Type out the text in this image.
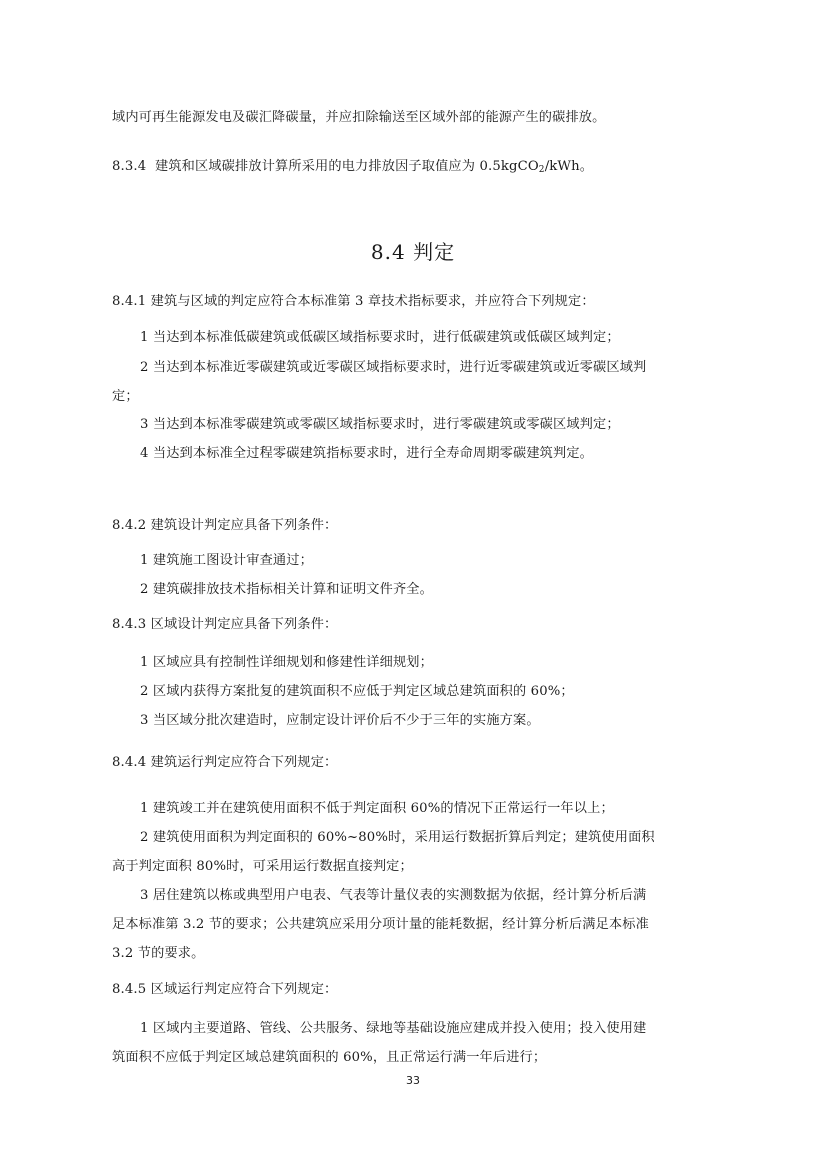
域内可再生能源发电及碳汇降碳量，并应扣除输送至区域外部的能源产生的碳排放。
8.3.4 建筑和区域碳排放计算所采用的电力排放因子取值应为 0.5kgCO$_2$/kWh。
8.4 判定
8.4.1 建筑与区域的判定应符合本标准第 3 章技术指标要求，并应符合下列规定：
1 当达到本标准低碳建筑或低碳区域指标要求时，进行低碳建筑或低碳区域判定；
2 当达到本标准近零碳建筑或近零碳区域指标要求时，进行近零碳建筑或近零碳区域判
定；
3 当达到本标准零碳建筑或零碳区域指标要求时，进行零碳建筑或零碳区域判定；
4 当达到本标准全过程零碳建筑指标要求时，进行全寿命周期零碳建筑判定。
8.4.2 建筑设计判定应具备下列条件：
1 建筑施工图设计审查通过；
2 建筑碳排放技术指标相关计算和证明文件齐全。
8.4.3 区域设计判定应具备下列条件：
1 区域应具有控制性详细规划和修建性详细规划；
2 区域内获得方案批复的建筑面积不应低于判定区域总建筑面积的 60%；
3 当区域分批次建造时，应制定设计评价后不少于三年的实施方案。
8.4.4 建筑运行判定应符合下列规定：
1 建筑竣工并在建筑使用面积不低于判定面积 60%的情况下正常运行一年以上；
2 建筑使用面积为判定面积的 60%~80%时，采用运行数据折算后判定；建筑使用面积
高于判定面积 80%时，可采用运行数据直接判定；
3 居住建筑以栋或典型用户电表、气表等计量仪表的实测数据为依据，经计算分析后满
足本标准第 3.2 节的要求；公共建筑应采用分项计量的能耗数据，经计算分析后满足本标准
3.2 节的要求。
8.4.5 区域运行判定应符合下列规定：
1 区域内主要道路、管线、公共服务、绿地等基础设施应建成并投入使用；投入使用建
筑面积不应低于判定区域总建筑面积的 60%，且正常运行满一年后进行；
33
